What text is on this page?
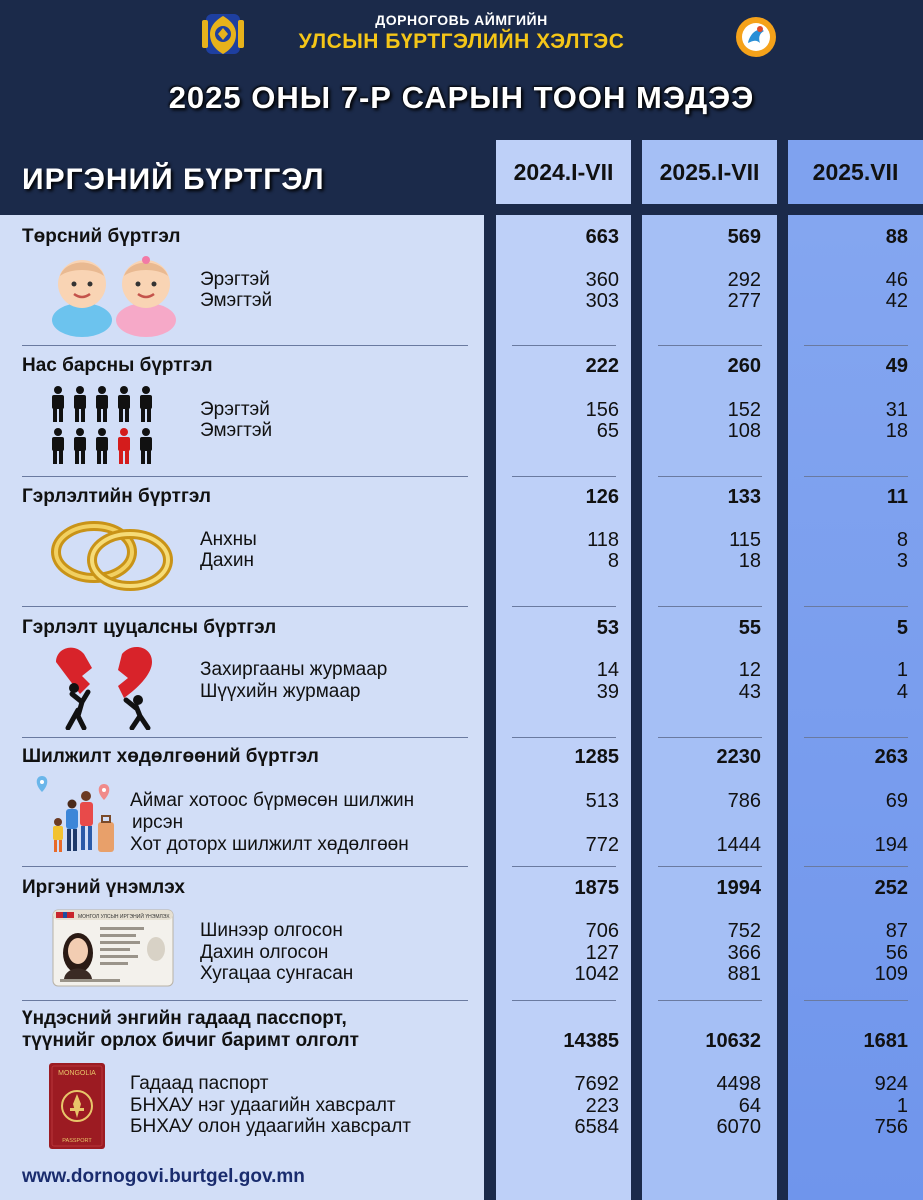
ДОРНОГОВЬ АЙМГИЙН
УЛСЫН БҮРТГЭЛИЙН ХЭЛТЭС
2025 ОНЫ 7-Р САРЫН ТООН МЭДЭЭ
ИРГЭНИЙ БҮРТГЭЛ	2024.I-VII	2025.I-VII	2025.VII
Төрсний бүртгэл	663	569	88
Эрэгтэй	360	292	46
Эмэгтэй	303	277	42
Нас барсны бүртгэл	222	260	49
Эрэгтэй	156	152	31
Эмэгтэй	65	108	18
Гэрлэлтийн бүртгэл	126	133	11
Анхны	118	115	8
Дахин	8	18	3
Гэрлэлт цуцалсны бүртгэл	53	55	5
Захиргааны журмаар	14	12	1
Шүүхийн журмаар	39	43	4
Шилжилт хөдөлгөөний бүртгэл	1285	2230	263
Аймаг хотоос бүрмөсөн шилжин
ирсэн
513	786	69
Хот доторх шилжилт хөдөлгөөн	772	1444	194
Иргэний үнэмлэх	1875	1994	252
МОНГОЛ УЛСЫН ИРГЭНИЙ ҮНЭМЛЭХ
Шинээр олгосон	706	752	87
Дахин олгосон	127	366	56
Хугацаа сунгасан	1042	881	109
Үндэсний энгийн гадаад пасспорт,
түүнийг орлох бичиг баримт олголт	14385	10632	1681
MONGOLIA
PASSPORT
Гадаад паспорт	7692	4498	924
БНХАУ нэг удаагийн хавсралт	223	64	1
БНХАУ олон удаагийн хавсралт	6584	6070	756
www.dornogovi.burtgel.gov.mn
